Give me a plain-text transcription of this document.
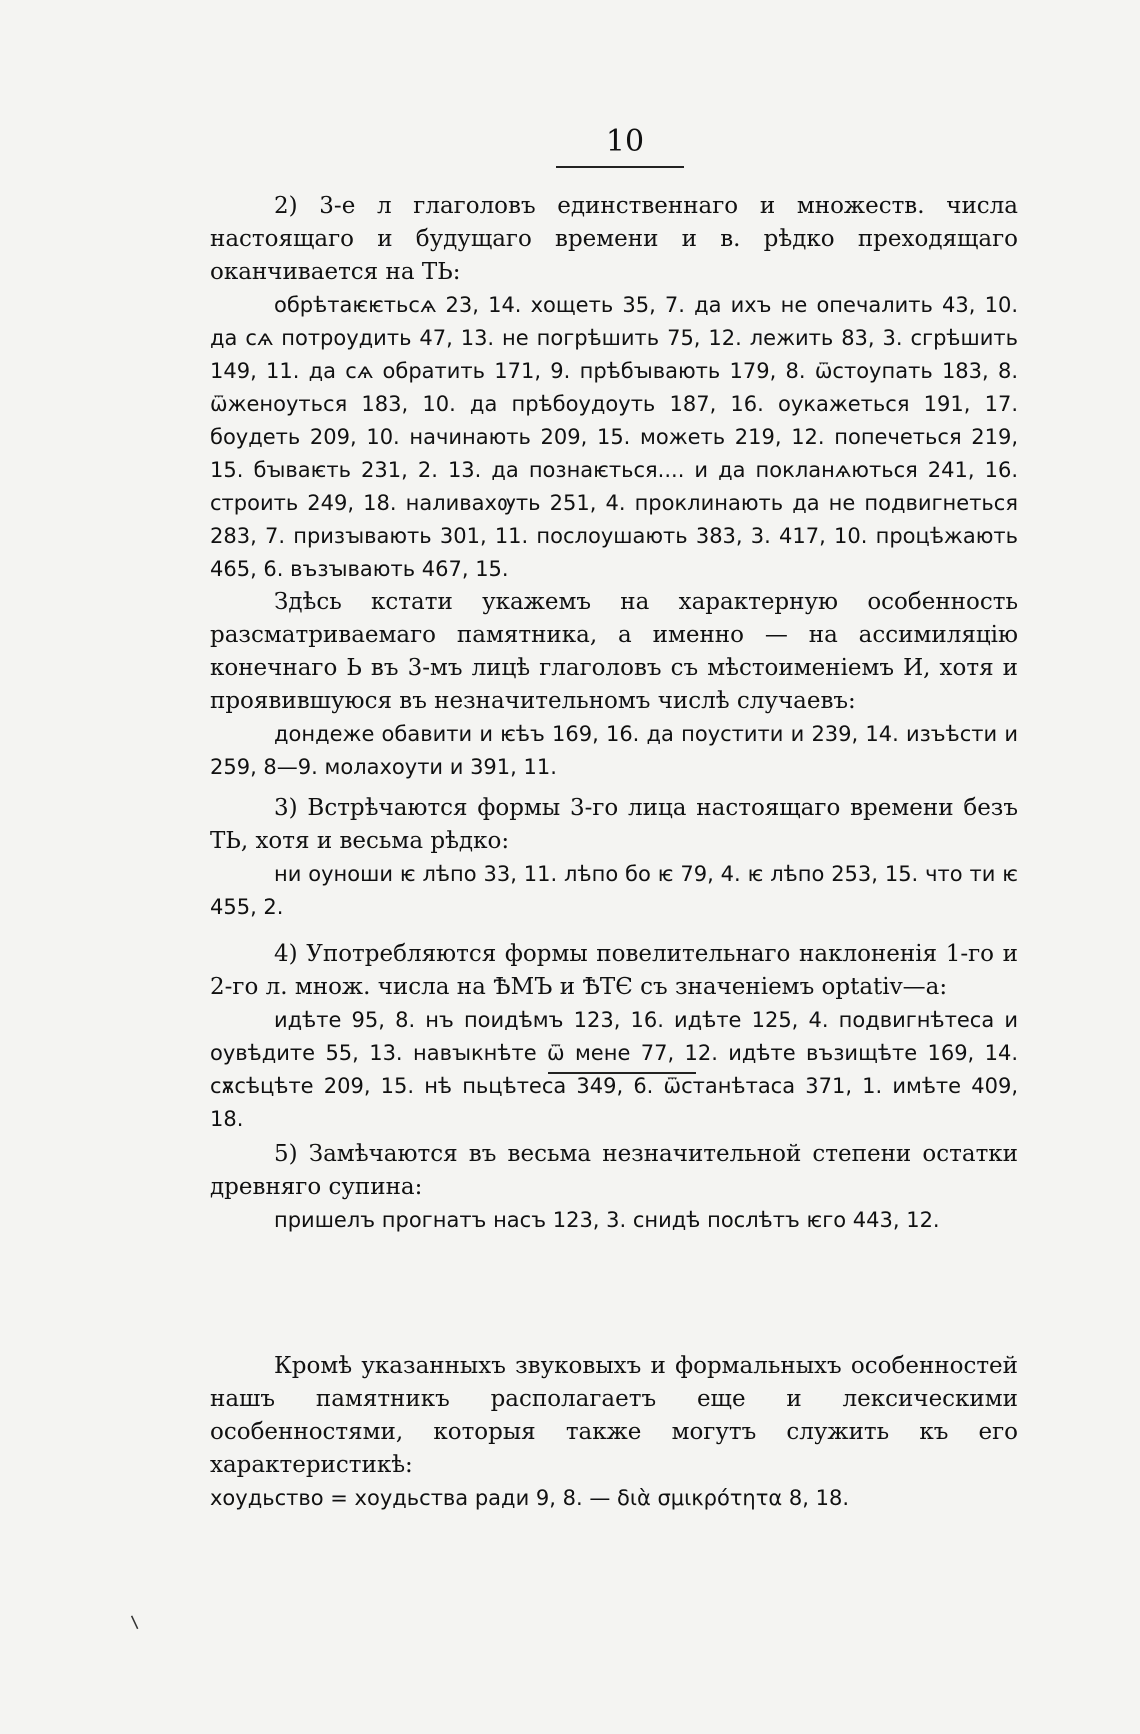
10

2) 3-е л глаголовъ единственнаго и множеств. числа настоящаго и будущаго времени и в. рѣдко преходящаго оканчивается на ТЬ:

обрѣтаѥѥтьсѧ 23, 14. хощеть 35, 7. да ихъ не опечалить 43, 10. да сѧ потроудить 47, 13. не погрѣшить 75, 12. лежить 83, 3. сгрѣшить 149, 11. да сѧ обратить 171, 9. прѣбꙑвають 179, 8. ѿстоупать 183, 8. ѿженоуться 183, 10. да прѣбоудоуть 187, 16. оукажеться 191, 17. боудеть 209, 10. начинають 209, 15. можеть 219, 12. попечеться 219, 15. бꙑваѥть 231, 2. 13. да познаѥться.... и да покланѧються 241, 16. строить 249, 18. наливахѹть 251, 4. проклинають да не подвигнеться 283, 7. призꙑвають 301, 11. послоушають 383, 3. 417, 10. процѣжають 465, 6. възꙑвають 467, 15.

Здѣсь кстати укажемъ на характерную особенность разсматриваемаго памятника, а именно — на ассимиляцію конечнаго Ь въ 3-мъ лицѣ глаголовъ съ мѣстоименіемъ И, хотя и проявившуюся въ незначительномъ числѣ случаевъ:

дондеже обавити и ѥѣъ 169, 16. да поустити и 239, 14. изъѣсти и 259, 8—9. молахоути и 391, 11.

3) Встрѣчаются формы 3-го лица настоящаго времени безъ ТЬ, хотя и весьма рѣдко:

ни оуноши ѥ лѣпо 33, 11. лѣпо бо ѥ 79, 4. ѥ лѣпо 253, 15. что ти ѥ 455, 2.

4) Употребляются формы повелительнаго наклоненія 1-го и 2-го л. множ. числа на ѢМЪ и ѢТЄ съ значеніемъ optativ—a:

идѣте 95, 8. нъ поидѣмъ 123, 16. идѣте 125, 4. подвигнѣтеса и оувѣдите 55, 13. навꙑкнѣте ѿ мене 77, 12. идѣте възищѣте 169, 14. сѫсѣцѣте 209, 15. нѣ пьцѣтеса 349, 6. ѿстанѣтаса 371, 1. имѣте 409, 18.

5) Замѣчаются въ весьма незначительной степени остатки древняго супина:

пришелъ прогнатъ насъ 123, 3. снидѣ послѣтъ ѥго 443, 12.

Кромѣ указанныхъ звуковыхъ и формальныхъ особенностей нашъ памятникъ располагаетъ еще и лексическими особенностями, которыя также могутъ служить къ его характеристикѣ:

хоудьство = хоудьства ради 9, 8. — διὰ σμικρότητα 8, 18.

⸜
